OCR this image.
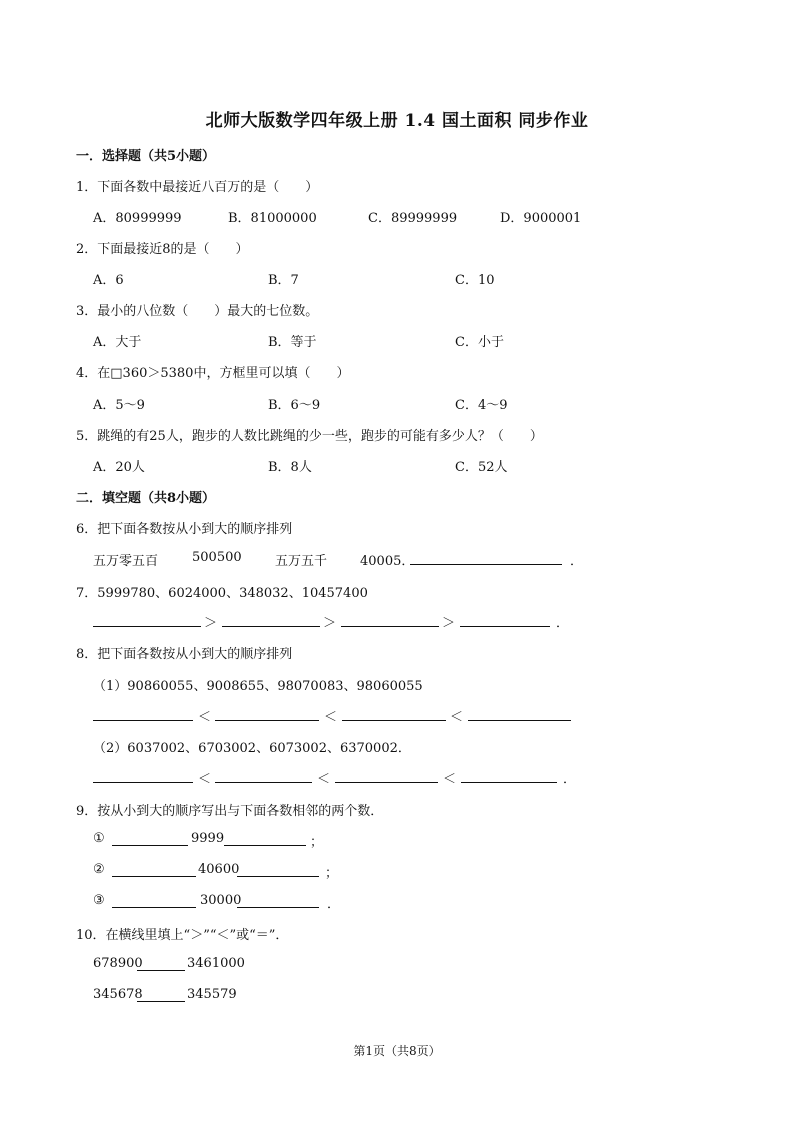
北师大版数学四年级上册 1.4 国土面积 同步作业
一．选择题（共5小题）
1．下面各数中最接近八百万的是（　　）
A．80999999	B．81000000	C．89999999	D．9000001
2．下面最接近8的是（　　）
A．6	B．7	C．10
3．最小的八位数（　　）最大的七位数。
A．大于	B．等于	C．小于
4．在□360＞5380中，方框里可以填（　　）
A．5～9	B．6～9	C．4～9
5．跳绳的有25人，跑步的人数比跳绳的少一些，跑步的可能有多少人？（　　）
A．20人	B．8人	C．52人
二．填空题（共8小题）
6．把下面各数按从小到大的顺序排列
五万零五百	500500	五万五千	40005．	．
7．5999780、6024000、348032、10457400
＞	＞	＞	．
8．把下面各数按从小到大的顺序排列
（1）90860055、9008655、98070083、98060055
＜	＜	＜
（2）6037002、6703002、6073002、6370002．
＜	＜	＜	．
9．按从小到大的顺序写出与下面各数相邻的两个数．
①	9999	；
②	40600	；
③	30000	．
10．在横线里填上“＞”“＜”或“＝”．
678900	3461000
345678	345579
第1页（共8页）
